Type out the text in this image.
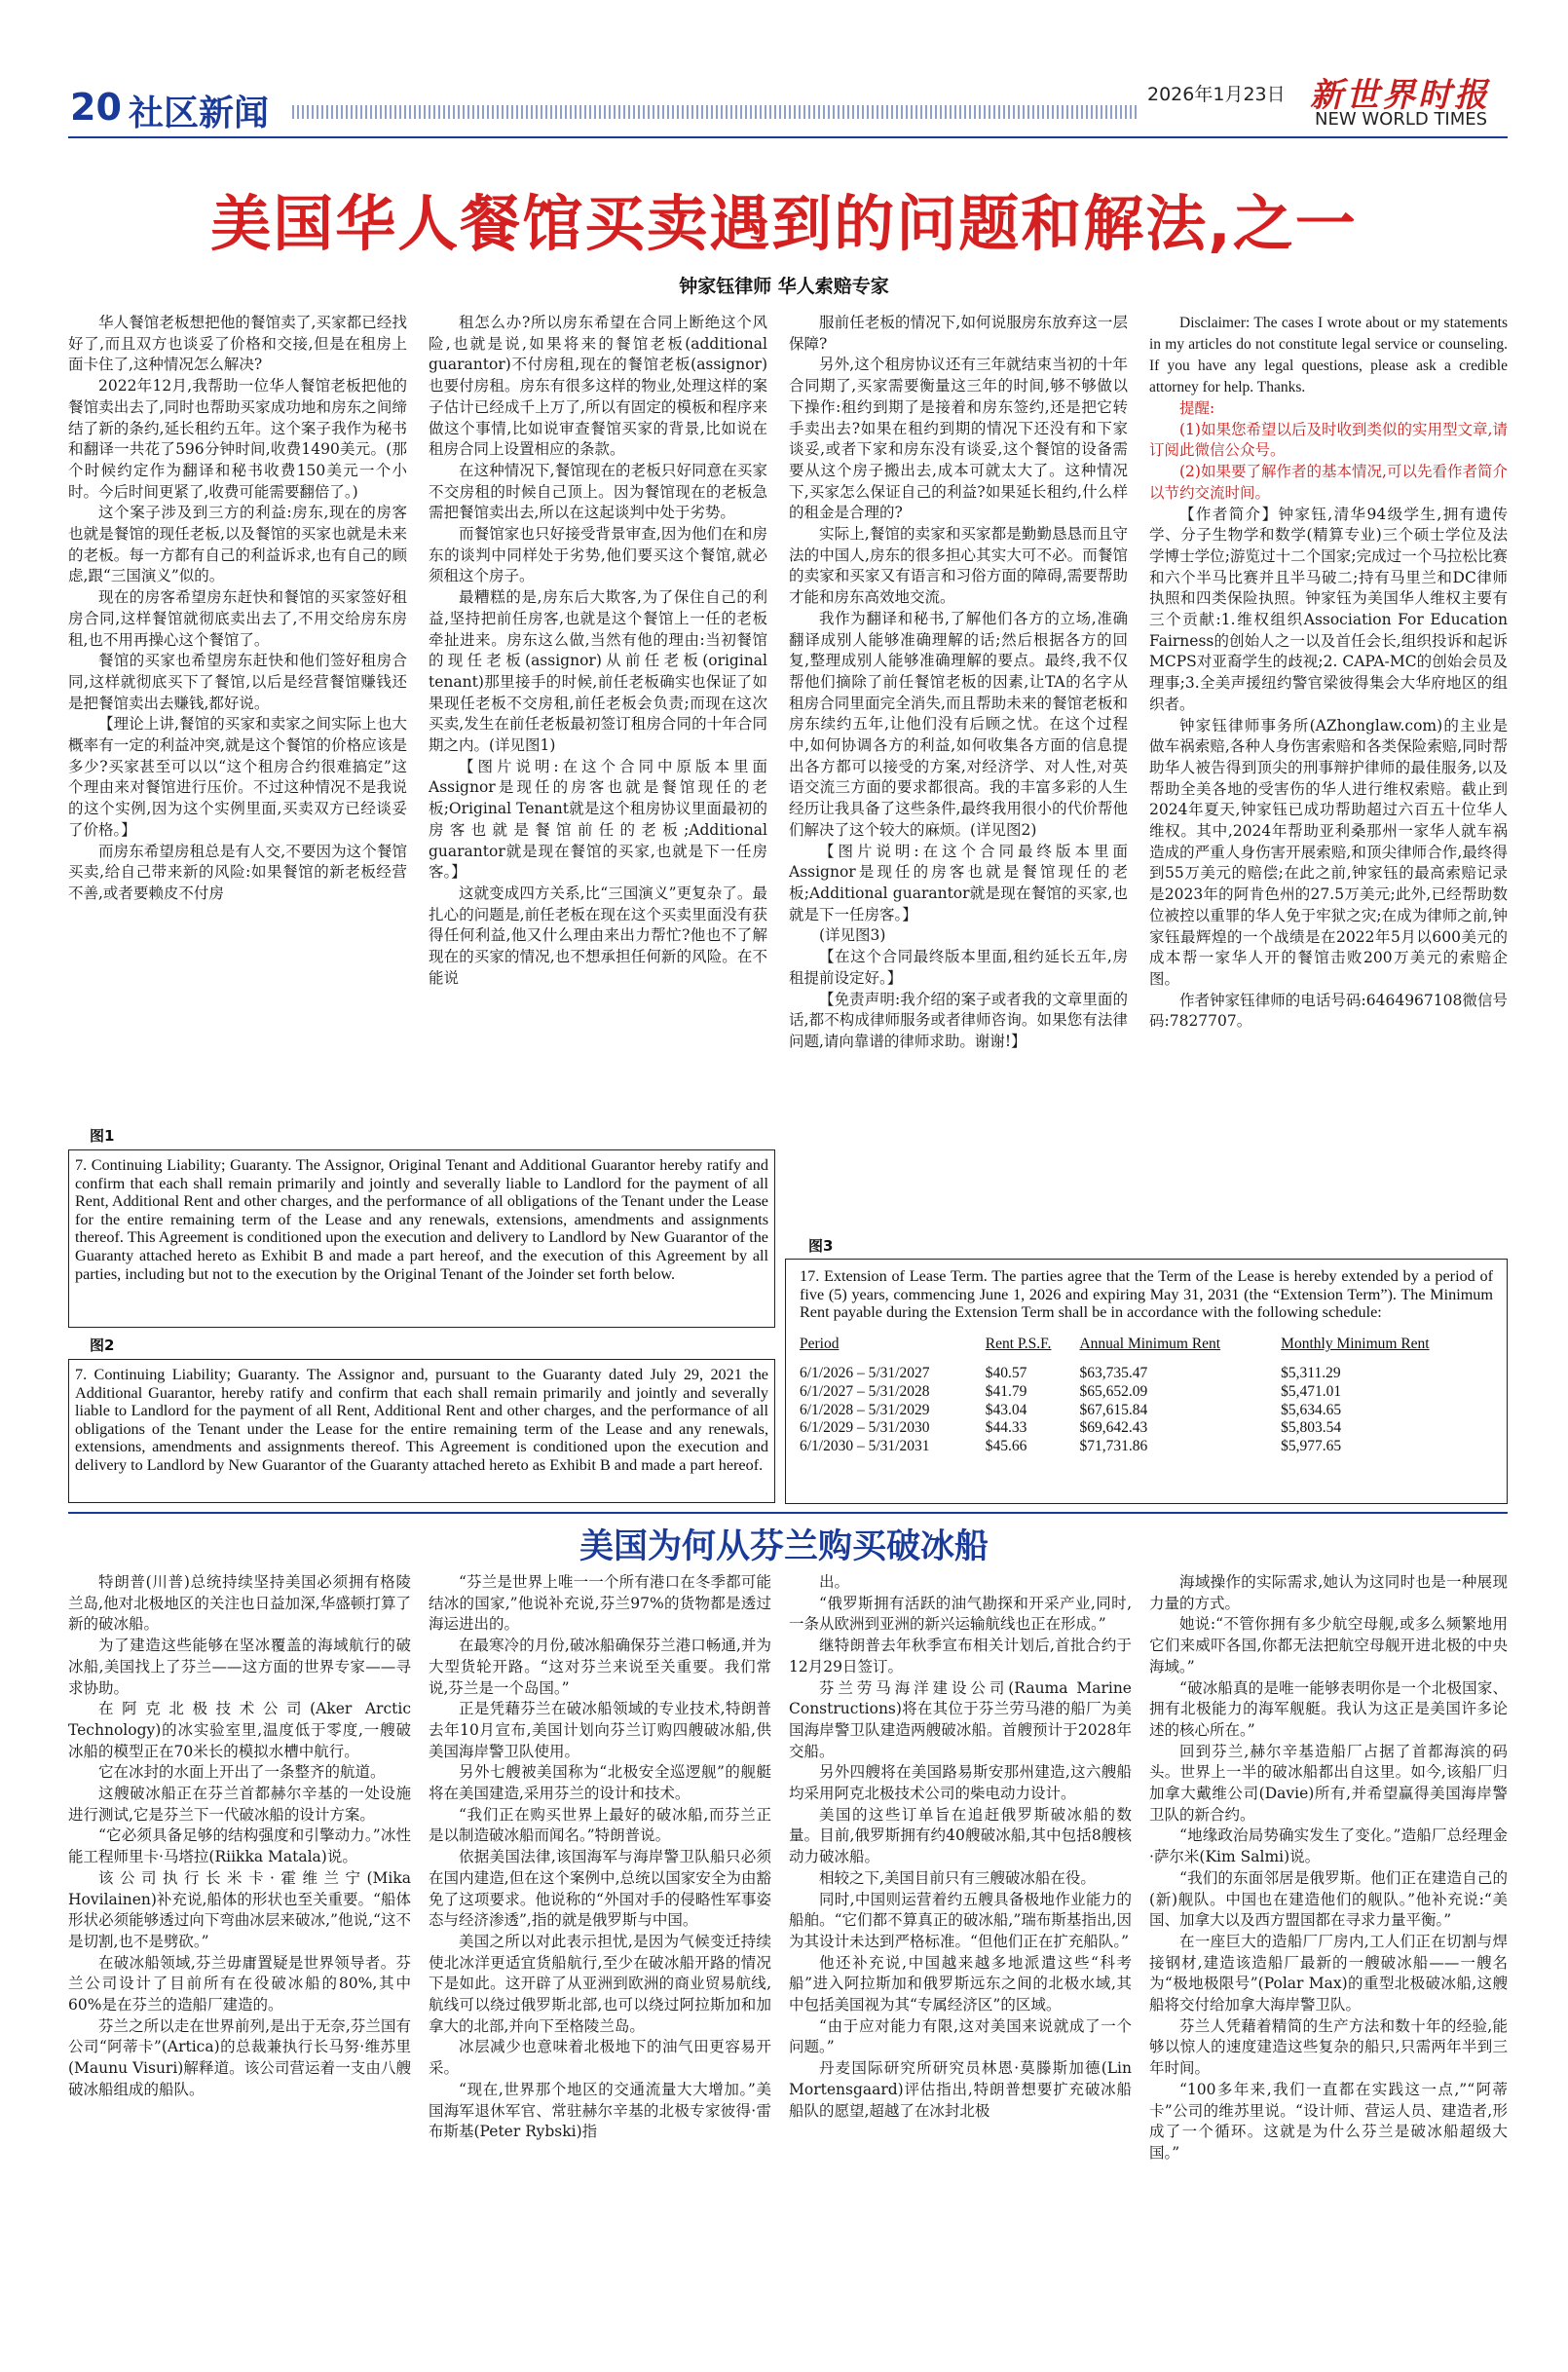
20 社区新闻	2026年1月23日 新世界时报
NEW WORLD TIMES
美国华人餐馆买卖遇到的问题和解法,之一
钟家钰律师 华人索赔专家

华人餐馆老板想把他的餐馆卖了,买家都已经找好了,而且双方也谈妥了价格和交接,但是在租房上面卡住了,这种情况怎么解决?

2022年12月,我帮助一位华人餐馆老板把他的餐馆卖出去了,同时也帮助买家成功地和房东之间缔结了新的条约,延长租约五年。这个案子我作为秘书和翻译一共花了596分钟时间,收费1490美元。(那个时候约定作为翻译和秘书收费150美元一个小时。今后时间更紧了,收费可能需要翻倍了。)

这个案子涉及到三方的利益:房东,现在的房客也就是餐馆的现任老板,以及餐馆的买家也就是未来的老板。每一方都有自己的利益诉求,也有自己的顾虑,跟“三国演义”似的。

现在的房客希望房东赶快和餐馆的买家签好租房合同,这样餐馆就彻底卖出去了,不用交给房东房租,也不用再操心这个餐馆了。

餐馆的买家也希望房东赶快和他们签好租房合同,这样就彻底买下了餐馆,以后是经营餐馆赚钱还是把餐馆卖出去赚钱,都好说。

【理论上讲,餐馆的买家和卖家之间实际上也大概率有一定的利益冲突,就是这个餐馆的价格应该是多少?买家甚至可以以“这个租房合约很难搞定”这个理由来对餐馆进行压价。不过这种情况不是我说的这个实例,因为这个实例里面,买卖双方已经谈妥了价格。】

而房东希望房租总是有人交,不要因为这个餐馆买卖,给自己带来新的风险:如果餐馆的新老板经营不善,或者要赖皮不付房

租怎么办?所以房东希望在合同上断绝这个风险,也就是说,如果将来的餐馆老板(additional guarantor)不付房租,现在的餐馆老板(assignor)也要付房租。房东有很多这样的物业,处理这样的案子估计已经成千上万了,所以有固定的模板和程序来做这个事情,比如说审查餐馆买家的背景,比如说在租房合同上设置相应的条款。

在这种情况下,餐馆现在的老板只好同意在买家不交房租的时候自己顶上。因为餐馆现在的老板急需把餐馆卖出去,所以在这起谈判中处于劣势。

而餐馆家也只好接受背景审查,因为他们在和房东的谈判中同样处于劣势,他们要买这个餐馆,就必须租这个房子。

最糟糕的是,房东后大欺客,为了保住自己的利益,坚持把前任房客,也就是这个餐馆上一任的老板牵扯进来。房东这么做,当然有他的理由:当初餐馆的现任老板(assignor)从前任老板(original tenant)那里接手的时候,前任老板确实也保证了如果现任老板不交房租,前任老板会负责;而现在这次买卖,发生在前任老板最初签订租房合同的十年合同期之内。(详见图1)

【图片说明:在这个合同中原版本里面Assignor是现任的房客也就是餐馆现任的老板;Original Tenant就是这个租房协议里面最初的房客也就是餐馆前任的老板;Additional guarantor就是现在餐馆的买家,也就是下一任房客。】

这就变成四方关系,比“三国演义”更复杂了。最扎心的问题是,前任老板在现在这个买卖里面没有获得任何利益,他又什么理由来出力帮忙?他也不了解现在的买家的情况,也不想承担任何新的风险。在不能说

服前任老板的情况下,如何说服房东放弃这一层保障?

另外,这个租房协议还有三年就结束当初的十年合同期了,买家需要衡量这三年的时间,够不够做以下操作:租约到期了是接着和房东签约,还是把它转手卖出去?如果在租约到期的情况下还没有和下家谈妥,或者下家和房东没有谈妥,这个餐馆的设备需要从这个房子搬出去,成本可就太大了。这种情况下,买家怎么保证自己的利益?如果延长租约,什么样的租金是合理的?

实际上,餐馆的卖家和买家都是勤勤恳恳而且守法的中国人,房东的很多担心其实大可不必。而餐馆的卖家和买家又有语言和习俗方面的障碍,需要帮助才能和房东高效地交流。

我作为翻译和秘书,了解他们各方的立场,准确翻译成别人能够准确理解的话;然后根据各方的回复,整理成别人能够准确理解的要点。最终,我不仅帮他们摘除了前任餐馆老板的因素,让TA的名字从租房合同里面完全消失,而且帮助未来的餐馆老板和房东续约五年,让他们没有后顾之忧。在这个过程中,如何协调各方的利益,如何收集各方面的信息提出各方都可以接受的方案,对经济学、对人性,对英语交流三方面的要求都很高。我的丰富多彩的人生经历让我具备了这些条件,最终我用很小的代价帮他们解决了这个较大的麻烦。(详见图2)

【图片说明:在这个合同最终版本里面Assignor是现任的房客也就是餐馆现任的老板;Additional guarantor就是现在餐馆的买家,也就是下一任房客。】

(详见图3)

【在这个合同最终版本里面,租约延长五年,房租提前设定好。】

【免责声明:我介绍的案子或者我的文章里面的话,都不构成律师服务或者律师咨询。如果您有法律问题,请向靠谱的律师求助。谢谢!】

Disclaimer: The cases I wrote about or my statements in my articles do not constitute legal service or counseling. If you have any legal questions, please ask a credible attorney for help. Thanks.

提醒:

(1)如果您希望以后及时收到类似的实用型文章,请订阅此微信公众号。

(2)如果要了解作者的基本情况,可以先看作者简介以节约交流时间。

【作者简介】钟家钰,清华94级学生,拥有遗传学、分子生物学和数学(精算专业)三个硕士学位及法学博士学位;游览过十二个国家;完成过一个马拉松比赛和六个半马比赛并且半马破二;持有马里兰和DC律师执照和四类保险执照。钟家钰为美国华人维权主要有三个贡献:1.维权组织Association For Education Fairness的创始人之一以及首任会长,组织投诉和起诉MCPS对亚裔学生的歧视;2. CAPA-MC的创始会员及理事;3.全美声援纽约警官梁彼得集会大华府地区的组织者。

钟家钰律师事务所(AZhonglaw.com)的主业是做车祸索赔,各种人身伤害索赔和各类保险索赔,同时帮助华人被告得到顶尖的刑事辩护律师的最佳服务,以及帮助全美各地的受害伤的华人进行维权索赔。截止到2024年夏天,钟家钰已成功帮助超过六百五十位华人维权。其中,2024年帮助亚利桑那州一家华人就车祸造成的严重人身伤害开展索赔,和顶尖律师合作,最终得到55万美元的赔偿;在此之前,钟家钰的最高索赔记录是2023年的阿肯色州的27.5万美元;此外,已经帮助数位被控以重罪的华人免于牢狱之灾;在成为律师之前,钟家钰最辉煌的一个战绩是在2022年5月以600美元的成本帮一家华人开的餐馆击败200万美元的索赔企图。

作者钟家钰律师的电话号码:6464967108微信号码:7827707。

图1
7. Continuing Liability; Guaranty. The Assignor, Original Tenant and Additional Guarantor hereby ratify and confirm that each shall remain primarily and jointly and severally liable to Landlord for the payment of all Rent, Additional Rent and other charges, and the performance of all obligations of the Tenant under the Lease for the entire remaining term of the Lease and any renewals, extensions, amendments and assignments thereof. This Agreement is conditioned upon the execution and delivery to Landlord by New Guarantor of the Guaranty attached hereto as Exhibit B and made a part hereof, and the execution of this Agreement by all parties, including but not to the execution by the Original Tenant of the Joinder set forth below.
图2
7. Continuing Liability; Guaranty. The Assignor and, pursuant to the Guaranty dated July 29, 2021 the Additional Guarantor, hereby ratify and confirm that each shall remain primarily and jointly and severally liable to Landlord for the payment of all Rent, Additional Rent and other charges, and the performance of all obligations of the Tenant under the Lease for the entire remaining term of the Lease and any renewals, extensions, amendments and assignments thereof. This Agreement is conditioned upon the execution and delivery to Landlord by New Guarantor of the Guaranty attached hereto as Exhibit B and made a part hereof.
图3
17. Extension of Lease Term. The parties agree that the Term of the Lease is hereby extended by a period of five (5) years, commencing June 1, 2026 and expiring May 31, 2031 (the “Extension Term”). The Minimum Rent payable during the Extension Term shall be in accordance with the following schedule:
Period	Rent P.S.F.	Annual Minimum Rent	Monthly Minimum Rent
6/1/2026 – 5/31/2027	$40.57	$63,735.47	$5,311.29
6/1/2027 – 5/31/2028	$41.79	$65,652.09	$5,471.01
6/1/2028 – 5/31/2029	$43.04	$67,615.84	$5,634.65
6/1/2029 – 5/31/2030	$44.33	$69,642.43	$5,803.54
6/1/2030 – 5/31/2031	$45.66	$71,731.86	$5,977.65
美国为何从芬兰购买破冰船

特朗普(川普)总统持续坚持美国必须拥有格陵兰岛,他对北极地区的关注也日益加深,华盛顿打算了新的破冰船。

为了建造这些能够在坚冰覆盖的海域航行的破冰船,美国找上了芬兰——这方面的世界专家——寻求协助。

在阿克北极技术公司(Aker Arctic Technology)的冰实验室里,温度低于零度,一艘破冰船的模型正在70米长的模拟水槽中航行。

它在冰封的水面上开出了一条整齐的航道。

这艘破冰船正在芬兰首都赫尔辛基的一处设施进行测试,它是芬兰下一代破冰船的设计方案。

“它必须具备足够的结构强度和引擎动力。”冰性能工程师里卡·马塔拉(Riikka Matala)说。

该公司执行长米卡·霍维兰宁(Mika Hovilainen)补充说,船体的形状也至关重要。“船体形状必须能够透过向下弯曲冰层来破冰,”他说,“这不是切割,也不是劈砍。”

在破冰船领域,芬兰毋庸置疑是世界领导者。芬兰公司设计了目前所有在役破冰船的80%,其中60%是在芬兰的造船厂建造的。

芬兰之所以走在世界前列,是出于无奈,芬兰国有公司“阿蒂卡”(Artica)的总裁兼执行长马努·维苏里(Maunu Visuri)解释道。该公司营运着一支由八艘破冰船组成的船队。

“芬兰是世界上唯一一个所有港口在冬季都可能结冰的国家,”他说补充说,芬兰97%的货物都是透过海运进出的。

在最寒冷的月份,破冰船确保芬兰港口畅通,并为大型货轮开路。“这对芬兰来说至关重要。我们常说,芬兰是一个岛国。”

正是凭藉芬兰在破冰船领域的专业技术,特朗普去年10月宣布,美国计划向芬兰订购四艘破冰船,供美国海岸警卫队使用。

另外七艘被美国称为“北极安全巡逻舰”的舰艇将在美国建造,采用芬兰的设计和技术。

“我们正在购买世界上最好的破冰船,而芬兰正是以制造破冰船而闻名。”特朗普说。

依据美国法律,该国海军与海岸警卫队船只必须在国内建造,但在这个案例中,总统以国家安全为由豁免了这项要求。他说称的“外国对手的侵略性军事姿态与经济渗透”,指的就是俄罗斯与中国。

美国之所以对此表示担忧,是因为气候变迁持续使北冰洋更适宜货船航行,至少在破冰船开路的情况下是如此。这开辟了从亚洲到欧洲的商业贸易航线,航线可以绕过俄罗斯北部,也可以绕过阿拉斯加和加拿大的北部,并向下至格陵兰岛。

冰层减少也意味着北极地下的油气田更容易开采。

“现在,世界那个地区的交通流量大大增加。”美国海军退休军官、常驻赫尔辛基的北极专家彼得·雷布斯基(Peter Rybski)指

出。

“俄罗斯拥有活跃的油气勘探和开采产业,同时,一条从欧洲到亚洲的新兴运输航线也正在形成。”

继特朗普去年秋季宣布相关计划后,首批合约于12月29日签订。

芬兰劳马海洋建设公司(Rauma Marine Constructions)将在其位于芬兰劳马港的船厂为美国海岸警卫队建造两艘破冰船。首艘预计于2028年交船。

另外四艘将在美国路易斯安那州建造,这六艘船均采用阿克北极技术公司的柴电动力设计。

美国的这些订单旨在追赶俄罗斯破冰船的数量。目前,俄罗斯拥有约40艘破冰船,其中包括8艘核动力破冰船。

相较之下,美国目前只有三艘破冰船在役。

同时,中国则运营着约五艘具备极地作业能力的船舶。“它们都不算真正的破冰船,”瑞布斯基指出,因为其设计未达到严格标准。“但他们正在扩充船队。”

他还补充说,中国越来越多地派遣这些“科考船”进入阿拉斯加和俄罗斯远东之间的北极水域,其中包括美国视为其“专属经济区”的区域。

“由于应对能力有限,这对美国来说就成了一个问题。”

丹麦国际研究所研究员林恩·莫滕斯加德(Lin Mortensgaard)评估指出,特朗普想要扩充破冰船船队的愿望,超越了在冰封北极

海域操作的实际需求,她认为这同时也是一种展现力量的方式。

她说:“不管你拥有多少航空母舰,或多么频繁地用它们来威吓各国,你都无法把航空母舰开进北极的中央海域。”

“破冰船真的是唯一能够表明你是一个北极国家、拥有北极能力的海军舰艇。我认为这正是美国许多论述的核心所在。”

回到芬兰,赫尔辛基造船厂占据了首都海滨的码头。世界上一半的破冰船都出自这里。如今,该船厂归加拿大戴维公司(Davie)所有,并希望赢得美国海岸警卫队的新合约。

“地缘政治局势确实发生了变化。”造船厂总经理金·萨尔米(Kim Salmi)说。

“我们的东面邻居是俄罗斯。他们正在建造自己的(新)舰队。中国也在建造他们的舰队。”他补充说:“美国、加拿大以及西方盟国都在寻求力量平衡。”

在一座巨大的造船厂厂房内,工人们正在切割与焊接钢材,建造该造船厂最新的一艘破冰船——一艘名为“极地极限号”(Polar Max)的重型北极破冰船,这艘船将交付给加拿大海岸警卫队。

芬兰人凭藉着精简的生产方法和数十年的经验,能够以惊人的速度建造这些复杂的船只,只需两年半到三年时间。

“100多年来,我们一直都在实践这一点,”“阿蒂卡”公司的维苏里说。“设计师、营运人员、建造者,形成了一个循环。这就是为什么芬兰是破冰船超级大国。”
